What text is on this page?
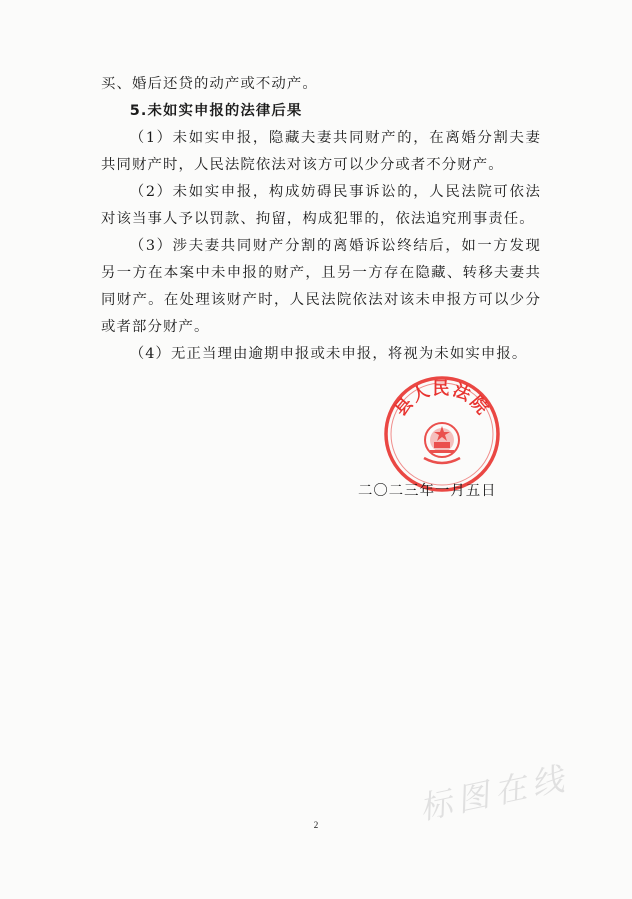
买、婚后还贷的动产或不动产。

5.未如实申报的法律后果

（1）未如实申报，隐藏夫妻共同财产的，在离婚分割夫妻共同财产时，人民法院依法对该方可以少分或者不分财产。

（2）未如实申报，构成妨碍民事诉讼的，人民法院可依法对该当事人予以罚款、拘留，构成犯罪的，依法追究刑事责任。

（3）涉夫妻共同财产分割的离婚诉讼终结后，如一方发现另一方在本案中未申报的财产，且另一方存在隐藏、转移夫妻共同财产。在处理该财产时，人民法院依法对该未申报方可以少分或者部分财产。

（4）无正当理由逾期申报或未申报，将视为未如实申报。

县人民法院
二〇二三年一月五日
2	标图在线
